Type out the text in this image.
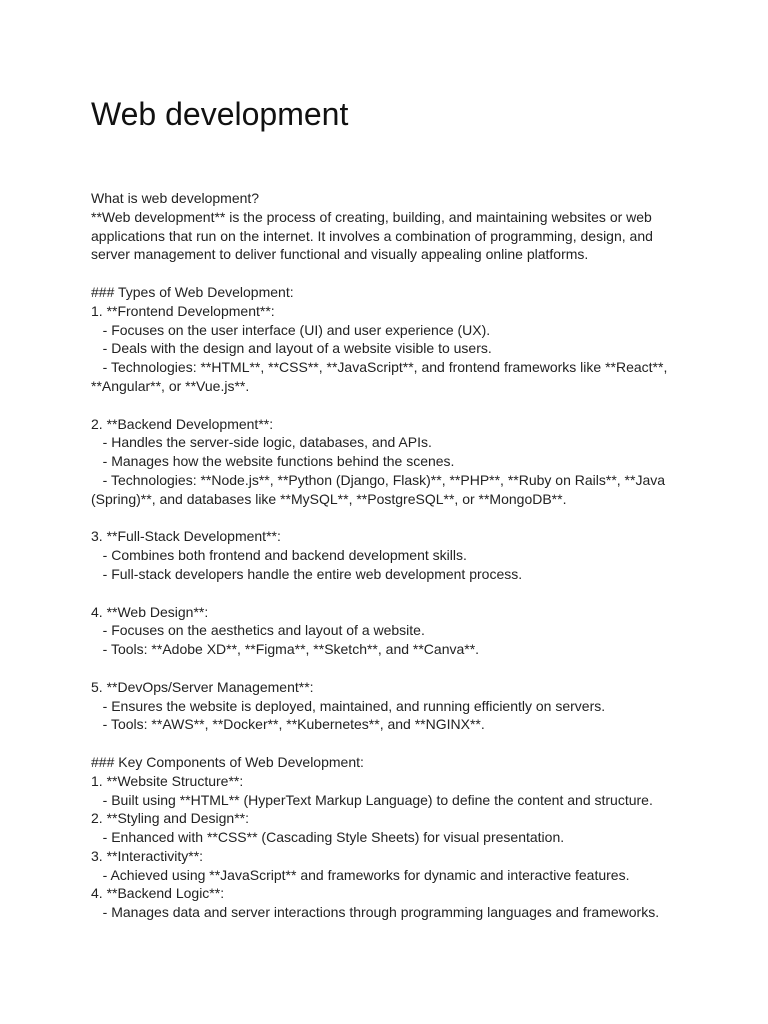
Web development
What is web development?
**Web development** is the process of creating, building, and maintaining websites or web
applications that run on the internet. It involves a combination of programming, design, and
server management to deliver functional and visually appealing online platforms.
### Types of Web Development:
1. **Frontend Development**:
- Focuses on the user interface (UI) and user experience (UX).
- Deals with the design and layout of a website visible to users.
- Technologies: **HTML**, **CSS**, **JavaScript**, and frontend frameworks like **React**,
**Angular**, or **Vue.js**.
2. **Backend Development**:
- Handles the server-side logic, databases, and APIs.
- Manages how the website functions behind the scenes.
- Technologies: **Node.js**, **Python (Django, Flask)**, **PHP**, **Ruby on Rails**, **Java
(Spring)**, and databases like **MySQL**, **PostgreSQL**, or **MongoDB**.
3. **Full-Stack Development**:
- Combines both frontend and backend development skills.
- Full-stack developers handle the entire web development process.
4. **Web Design**:
- Focuses on the aesthetics and layout of a website.
- Tools: **Adobe XD**, **Figma**, **Sketch**, and **Canva**.
5. **DevOps/Server Management**:
- Ensures the website is deployed, maintained, and running efficiently on servers.
- Tools: **AWS**, **Docker**, **Kubernetes**, and **NGINX**.
### Key Components of Web Development:
1. **Website Structure**:
- Built using **HTML** (HyperText Markup Language) to define the content and structure.
2. **Styling and Design**:
- Enhanced with **CSS** (Cascading Style Sheets) for visual presentation.
3. **Interactivity**:
- Achieved using **JavaScript** and frameworks for dynamic and interactive features.
4. **Backend Logic**:
- Manages data and server interactions through programming languages and frameworks.
